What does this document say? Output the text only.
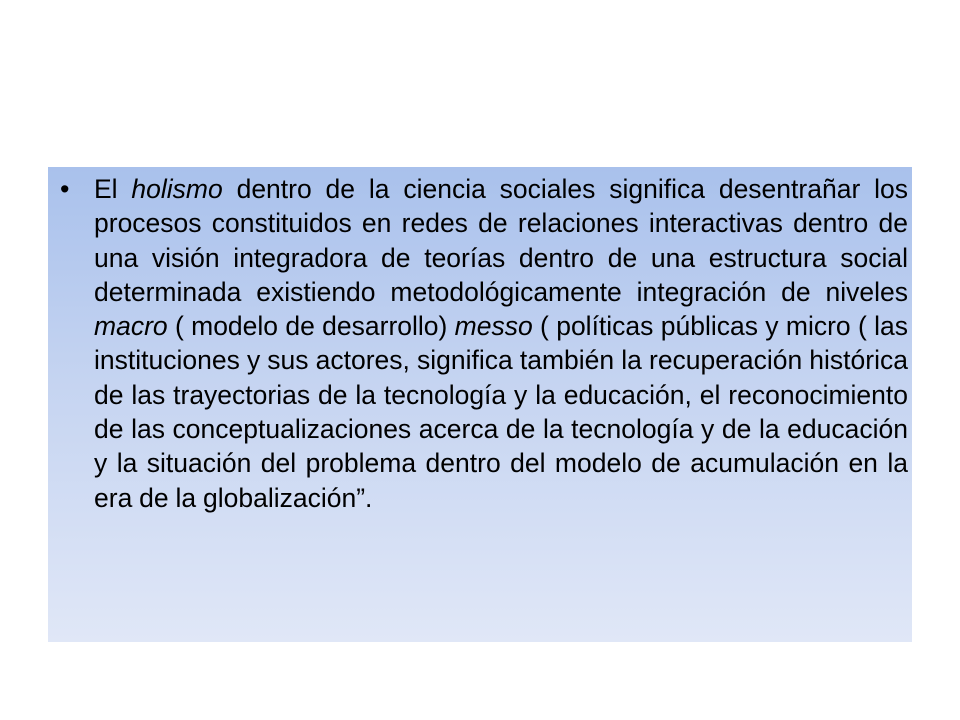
• El holismo dentro de la ciencia sociales significa desentrañar los procesos constituidos en redes de relaciones interactivas dentro de una visión integradora de teorías dentro de una estructura social determinada existiendo metodológicamente integración de niveles macro ( modelo de desarrollo) messo ( políticas públicas y micro ( las instituciones y sus actores, significa también la recuperación histórica de las trayectorias de la tecnología y la educación, el reconocimiento de las conceptualizaciones acerca de la tecnología y de la educación y la situación del problema dentro del modelo de acumulación en la era de la globalización”.
